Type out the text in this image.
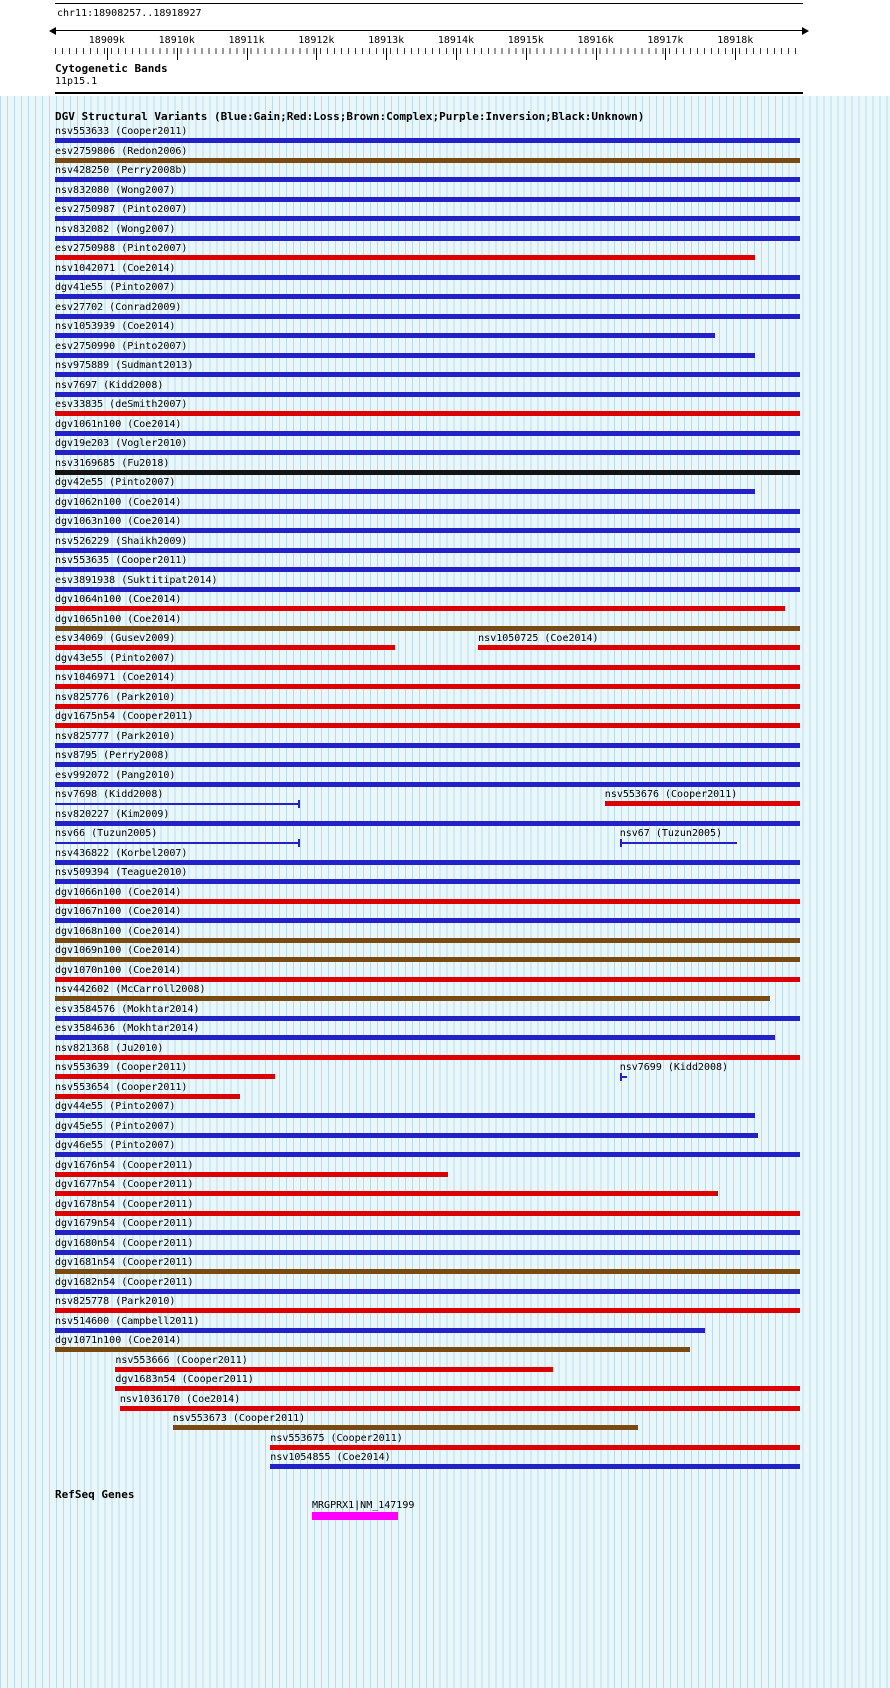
chr11:18908257..18918927
18909k	18910k	18911k	18912k	18913k	18914k	18915k	18916k	18917k	18918k
Cytogenetic Bands
11p15.1
DGV Structural Variants (Blue:Gain;Red:Loss;Brown:Complex;Purple:Inversion;Black:Unknown)
nsv553633 (Cooper2011)
esv2759806 (Redon2006)
nsv428250 (Perry2008b)
nsv832080 (Wong2007)
esv2750987 (Pinto2007)
nsv832082 (Wong2007)
esv2750988 (Pinto2007)
nsv1042071 (Coe2014)
dgv41e55 (Pinto2007)
esv27702 (Conrad2009)
nsv1053939 (Coe2014)
esv2750990 (Pinto2007)
nsv975889 (Sudmant2013)
nsv7697 (Kidd2008)
esv33835 (deSmith2007)
dgv1061n100 (Coe2014)
dgv19e203 (Vogler2010)
nsv3169685 (Fu2018)
dgv42e55 (Pinto2007)
dgv1062n100 (Coe2014)
dgv1063n100 (Coe2014)
nsv526229 (Shaikh2009)
nsv553635 (Cooper2011)
esv3891938 (Suktitipat2014)
dgv1064n100 (Coe2014)
dgv1065n100 (Coe2014)
esv34069 (Gusev2009)	nsv1050725 (Coe2014)
dgv43e55 (Pinto2007)
nsv1046971 (Coe2014)
nsv825776 (Park2010)
dgv1675n54 (Cooper2011)
nsv825777 (Park2010)
nsv8795 (Perry2008)
esv992072 (Pang2010)
nsv7698 (Kidd2008)	nsv553676 (Cooper2011)
nsv820227 (Kim2009)
nsv66 (Tuzun2005)	nsv67 (Tuzun2005)
nsv436822 (Korbel2007)
nsv509394 (Teague2010)
dgv1066n100 (Coe2014)
dgv1067n100 (Coe2014)
dgv1068n100 (Coe2014)
dgv1069n100 (Coe2014)
dgv1070n100 (Coe2014)
nsv442602 (McCarroll2008)
esv3584576 (Mokhtar2014)
esv3584636 (Mokhtar2014)
nsv821368 (Ju2010)
nsv553639 (Cooper2011)	nsv7699 (Kidd2008)
nsv553654 (Cooper2011)
dgv44e55 (Pinto2007)
dgv45e55 (Pinto2007)
dgv46e55 (Pinto2007)
dgv1676n54 (Cooper2011)
dgv1677n54 (Cooper2011)
dgv1678n54 (Cooper2011)
dgv1679n54 (Cooper2011)
dgv1680n54 (Cooper2011)
dgv1681n54 (Cooper2011)
dgv1682n54 (Cooper2011)
nsv825778 (Park2010)
nsv514600 (Campbell2011)
dgv1071n100 (Coe2014)
nsv553666 (Cooper2011)
dgv1683n54 (Cooper2011)
nsv1036170 (Coe2014)
nsv553673 (Cooper2011)
nsv553675 (Cooper2011)
nsv1054855 (Coe2014)
RefSeq Genes
MRGPRX1|NM_147199
